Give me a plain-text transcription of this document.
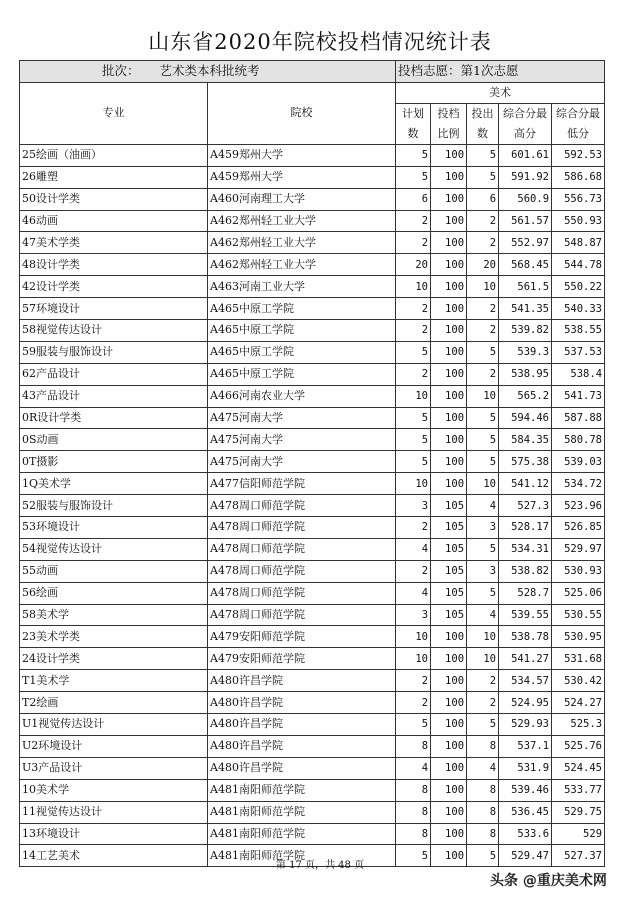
山东省2020年院校投档情况统计表
批次： 艺术类本科批统考		投档志愿：第1次志愿				
专业	院校	美术				
		计划数	投档比例	投出数	综合分最高分	综合分最低分
25绘画（油画）	A459郑州大学	5	100	5	601.61	592.53
26雕塑	A459郑州大学	5	100	5	591.92	586.68
50设计学类	A460河南理工大学	6	100	6	560.9	556.73
46动画	A462郑州轻工业大学	2	100	2	561.57	550.93
47美术学类	A462郑州轻工业大学	2	100	2	552.97	548.87
48设计学类	A462郑州轻工业大学	20	100	20	568.45	544.78
42设计学类	A463河南工业大学	10	100	10	561.5	550.22
57环境设计	A465中原工学院	2	100	2	541.35	540.33
58视觉传达设计	A465中原工学院	2	100	2	539.82	538.55
59服装与服饰设计	A465中原工学院	5	100	5	539.3	537.53
62产品设计	A465中原工学院	2	100	2	538.95	538.4
43产品设计	A466河南农业大学	10	100	10	565.2	541.73
0R设计学类	A475河南大学	5	100	5	594.46	587.88
0S动画	A475河南大学	5	100	5	584.35	580.78
0T摄影	A475河南大学	5	100	5	575.38	539.03
1Q美术学	A477信阳师范学院	10	100	10	541.12	534.72
52服装与服饰设计	A478周口师范学院	3	105	4	527.3	523.96
53环境设计	A478周口师范学院	2	105	3	528.17	526.85
54视觉传达设计	A478周口师范学院	4	105	5	534.31	529.97
55动画	A478周口师范学院	2	105	3	538.82	530.93
56绘画	A478周口师范学院	4	105	5	528.7	525.06
58美术学	A478周口师范学院	3	105	4	539.55	530.55
23美术学类	A479安阳师范学院	10	100	10	538.78	530.95
24设计学类	A479安阳师范学院	10	100	10	541.27	531.68
T1美术学	A480许昌学院	2	100	2	534.57	530.42
T2绘画	A480许昌学院	2	100	2	524.95	524.27
U1视觉传达设计	A480许昌学院	5	100	5	529.93	525.3
U2环境设计	A480许昌学院	8	100	8	537.1	525.76
U3产品设计	A480许昌学院	4	100	4	531.9	524.45
10美术学	A481南阳师范学院	8	100	8	539.46	533.77
11视觉传达设计	A481南阳师范学院	8	100	8	536.45	529.75
13环境设计	A481南阳师范学院	8	100	8	533.6	529
14工艺美术	A481南阳师范学院	5	100	5	529.47	527.37
第 17 页，共 48 页
头条 @重庆美术网
